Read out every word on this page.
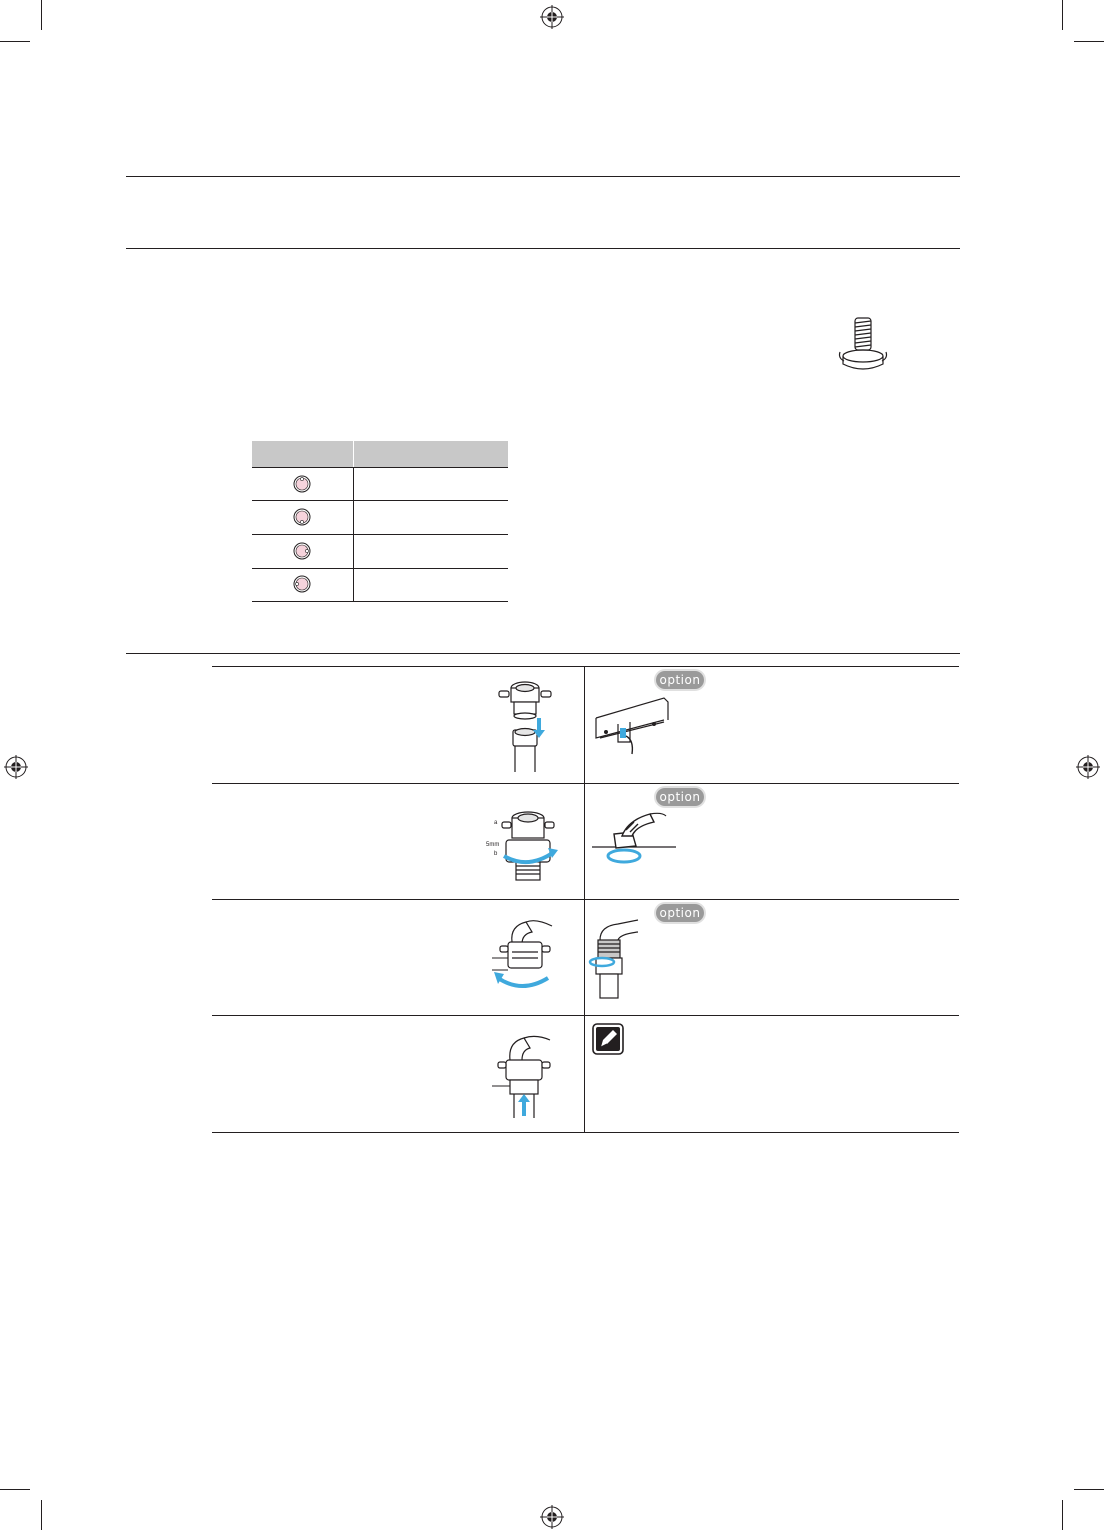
option
a
5mm
b
option
option
